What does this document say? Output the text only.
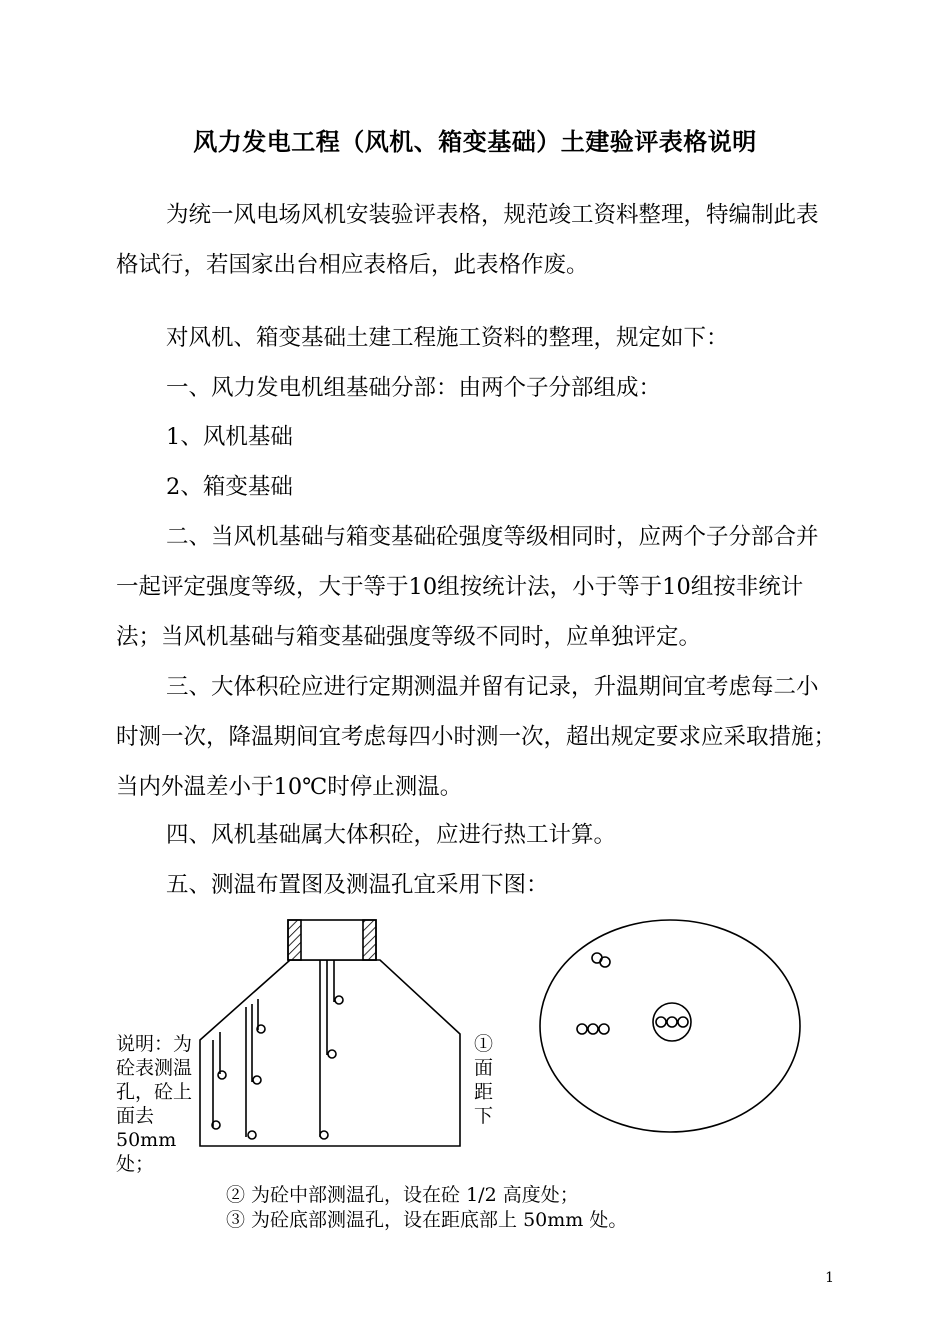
风力发电工程（风机、箱变基础）土建验评表格说明

为统一风电场风机安装验评表格，规范竣工资料整理，特编制此表格试行，若国家出台相应表格后，此表格作废。

对风机、箱变基础土建工程施工资料的整理，规定如下：

一、风力发电机组基础分部：由两个子分部组成：

1、风机基础

2、箱变基础

二、当风机基础与箱变基础砼强度等级相同时，应两个子分部合并一起评定强度等级，大于等于10组按统计法，小于等于10组按非统计法；当风机基础与箱变基础强度等级不同时，应单独评定。

三、大体积砼应进行定期测温并留有记录，升温期间宜考虑每二小时测一次，降温期间宜考虑每四小时测一次，超出规定要求应采取措施；当内外温差小于10℃时停止测温。

四、风机基础属大体积砼，应进行热工计算。

五、测温布置图及测温孔宜采用下图：

说明：为砼表测温孔，砼上面去50mm处；
①面距下
② 为砼中部测温孔，设在砼 1/2 高度处；
③ 为砼底部测温孔，设在距底部上 50mm 处。
1
